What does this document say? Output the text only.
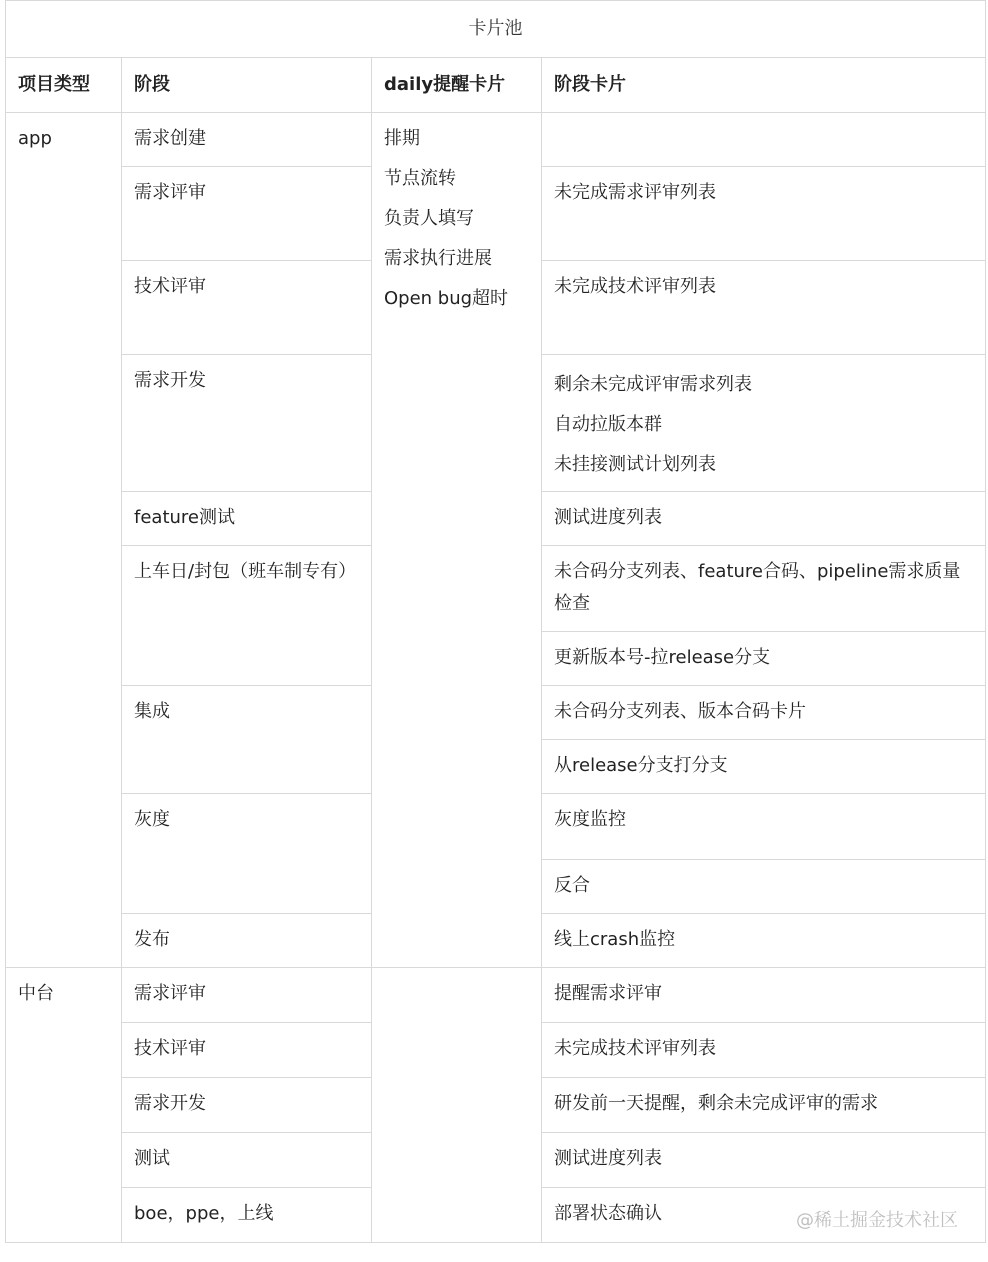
卡片池			
项目类型	阶段	daily提醒卡片	阶段卡片
app	需求创建	排期
节点流转
负责人填写
需求执行进展
Open bug超时	

	需求评审		未完成需求评审列表
	技术评审		未完成技术评审列表
	需求开发		剩余未完成评审需求列表
自动拉版本群
未挂接测试计划列表
	feature测试		测试进度列表
	上车日/封包（班车制专有）		未合码分支列表、feature合码、pipeline需求质量检查
			更新版本号-拉release分支
	集成		未合码分支列表、版本合码卡片
			从release分支打分支
	灰度		灰度监控
			反合
	发布		线上crash监控
中台	需求评审		提醒需求评审
	技术评审		未完成技术评审列表
	需求开发		研发前一天提醒，剩余未完成评审的需求
	测试		测试进度列表
	boe，ppe，上线		部署状态确认	@稀土掘金技术社区
